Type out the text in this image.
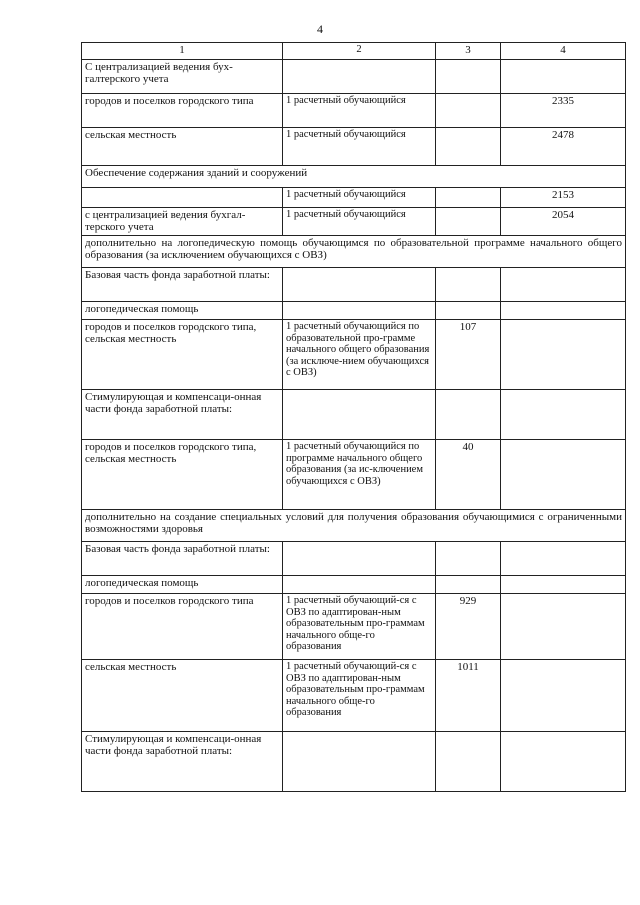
4
1	2	3	4
С централизацией ведения бух-галтерского учета			
городов и поселков городского типа	1 расчетный обучающийся		2335
сельская местность	1 расчетный обучающийся		2478
Обеспечение содержания зданий и сооружений			
	1 расчетный обучающийся		2153
с централизацией ведения бухгал-терского учета	1 расчетный обучающийся		2054
дополнительно на логопедическую помощь обучающимся по образовательной программе начального общего образования (за исключением обучающихся с ОВЗ)			
Базовая часть фонда заработной платы:			
логопедическая помощь			
городов и поселков городского типа, сельская местность	1 расчетный обучающийся по образовательной про-грамме начального общего образования (за исключе-нием обучающихся с ОВЗ)	107	
Стимулирующая и компенсаци-онная части фонда заработной платы:			
городов и поселков городского типа, сельская местность	1 расчетный обучающийся по программе начального общего образования (за ис-ключением обучающихся с ОВЗ)	40	
дополнительно на создание специальных условий для получения образования обучающимися с ограниченными возможностями здоровья			
Базовая часть фонда заработной платы:			
логопедическая помощь			
городов и поселков городского типа	1 расчетный обучающий-ся с ОВЗ по адаптирован-ным образовательным про-граммам начального обще-го образования	929	
сельская местность	1 расчетный обучающий-ся с ОВЗ по адаптирован-ным образовательным про-граммам начального обще-го образования	1011	
Стимулирующая и компенсаци-онная части фонда заработной платы:			
